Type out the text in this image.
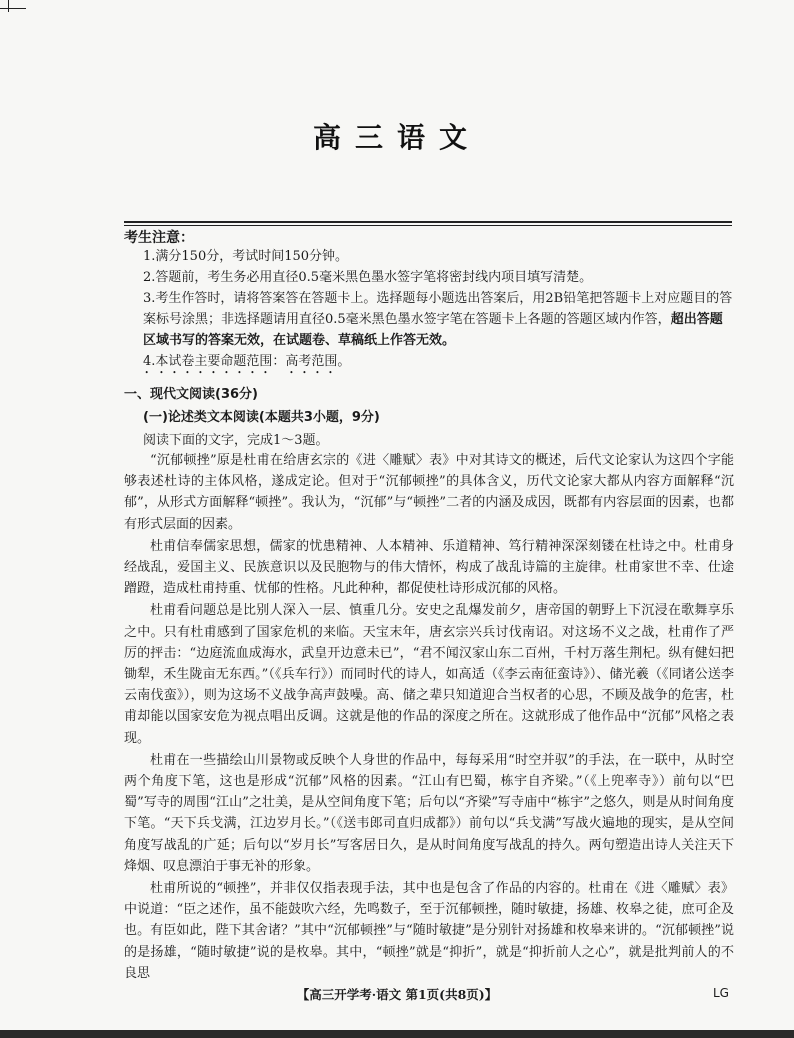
高三语文
考生注意：

1.满分150分，考试时间150分钟。

2.答题前，考生务必用直径0.5毫米黑色墨水签字笔将密封线内项目填写清楚。

3.考生作答时，请将答案答在答题卡上。选择题每小题选出答案后，用2B铅笔把答题卡上对应题目的答案标号涂黑；非选择题请用直径0.5毫米黑色墨水签字笔在答题卡上各题的答题区域内作答，超出答题区域书写的答案无效，在试题卷、草稿纸上作答无效。

4.本试卷主要命题范围：高考范围。

一、现代文阅读(36分)
(一)论述类文本阅读(本题共3小题，9分)
阅读下面的文字，完成1～3题。

“沉郁顿挫”原是杜甫在给唐玄宗的《进〈雕赋〉表》中对其诗文的概述，后代文论家认为这四个字能够表述杜诗的主体风格，遂成定论。但对于“沉郁顿挫”的具体含义，历代文论家大都从内容方面解释“沉郁”，从形式方面解释“顿挫”。我认为，“沉郁”与“顿挫”二者的内涵及成因，既都有内容层面的因素，也都有形式层面的因素。

杜甫信奉儒家思想，儒家的忧患精神、人本精神、乐道精神、笃行精神深深刻镂在杜诗之中。杜甫身经战乱，爱国主义、民族意识以及民胞物与的伟大情怀，构成了战乱诗篇的主旋律。杜甫家世不幸、仕途蹭蹬，造成杜甫持重、忧郁的性格。凡此种种，都促使杜诗形成沉郁的风格。

杜甫看问题总是比别人深入一层、慎重几分。安史之乱爆发前夕，唐帝国的朝野上下沉浸在歌舞享乐之中。只有杜甫感到了国家危机的来临。天宝末年，唐玄宗兴兵讨伐南诏。对这场不义之战，杜甫作了严厉的抨击：“边庭流血成海水，武皇开边意未已”，“君不闻汉家山东二百州，千村万落生荆杞。纵有健妇把锄犁，禾生陇亩无东西。”（《兵车行》）而同时代的诗人，如高适（《李云南征蛮诗》）、储光羲（《同诸公送李云南伐蛮》），则为这场不义战争高声鼓噪。高、储之辈只知道迎合当权者的心思，不顾及战争的危害，杜甫却能以国家安危为视点唱出反调。这就是他的作品的深度之所在。这就形成了他作品中“沉郁”风格之表现。

杜甫在一些描绘山川景物或反映个人身世的作品中，每每采用“时空并驭”的手法，在一联中，从时空两个角度下笔，这也是形成“沉郁”风格的因素。“江山有巴蜀，栋宇自齐梁。”（《上兜率寺》）前句以“巴蜀”写寺的周围“江山”之壮美，是从空间角度下笔；后句以“齐梁”写寺庙中“栋宇”之悠久，则是从时间角度下笔。“天下兵戈满，江边岁月长。”（《送韦郎司直归成都》）前句以“兵戈满”写战火遍地的现实，是从空间角度写战乱的广延；后句以“岁月长”写客居日久，是从时间角度写战乱的持久。两句塑造出诗人关注天下烽烟、叹息漂泊于事无补的形象。

杜甫所说的“顿挫”，并非仅仅指表现手法，其中也是包含了作品的内容的。杜甫在《进〈雕赋〉表》中说道：“臣之述作，虽不能鼓吹六经，先鸣数子，至于沉郁顿挫，随时敏捷，扬雄、枚皋之徒，庶可企及也。有臣如此，陛下其舍诸？”其中“沉郁顿挫”与“随时敏捷”是分别针对扬雄和枚皋来讲的。“沉郁顿挫”说的是扬雄，“随时敏捷”说的是枚皋。其中，“顿挫”就是“抑折”，就是“抑折前人之心”，就是批判前人的不良思

【高三开学考·语文 第1页(共8页)】	LG
